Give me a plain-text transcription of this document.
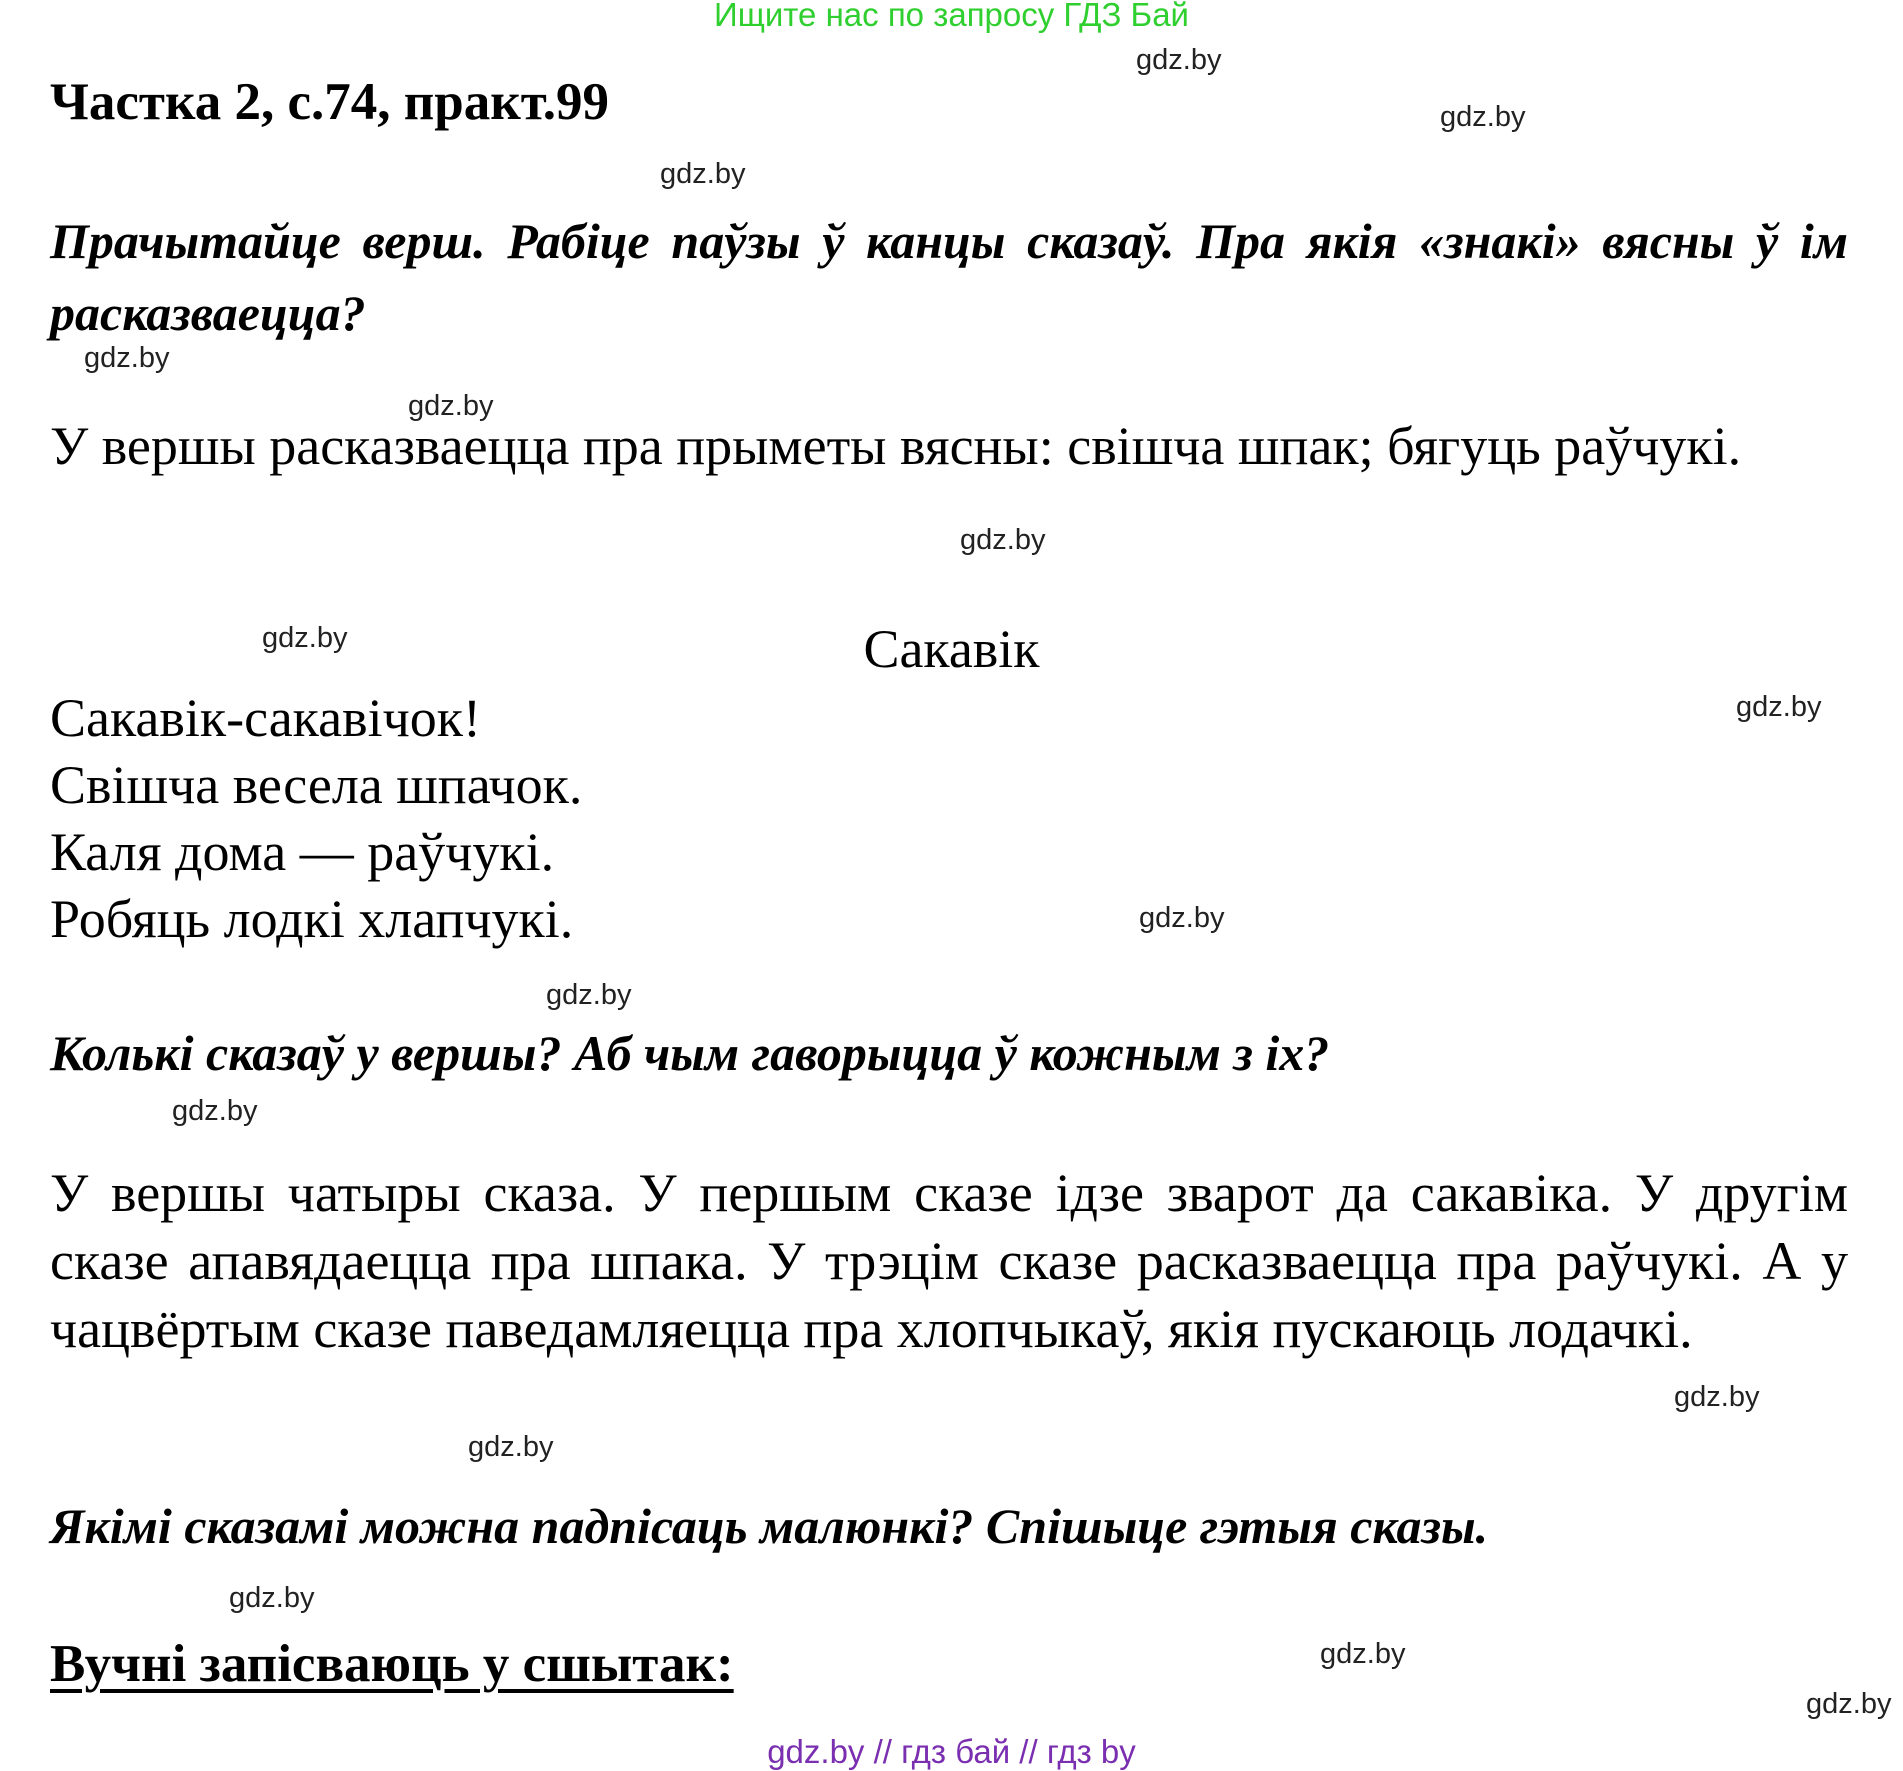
Ищите нас по запросу ГДЗ Бай
gdz.by
gdz.by
gdz.by
gdz.by
gdz.by
gdz.by
gdz.by
gdz.by
gdz.by
gdz.by
gdz.by
gdz.by
gdz.by
gdz.by
gdz.by
gdz.by
Частка 2, с.74, практ.99
Прачытайце верш. Рабіце паўзы ў канцы сказаў. Пра якія «знакі» вясны ў ім расказваецца?
У вершы расказваецца пра прыметы вясны: свішча шпак; бягуць раўчукі.
Сакавік
Сакавік-сакавічок!
Свішча весела шпачок.
Каля дома — раўчукі.
Робяць лодкі хлапчукі.
Колькі сказаў у вершы? Аб чым гаворыцца ў кожным з іх?
У вершы чатыры сказа. У першым сказе ідзе зварот да сакавіка. У другім сказе апавядаецца пра шпака. У трэцім сказе расказваецца пра раўчукі. А у чацвёртым сказе паведамляецца пра хлопчыкаў, якія пускаюць лодачкі.
Якімі сказамі можна падпісаць малюнкі? Спішыце гэтыя сказы.
Вучні запісваюць у сшытак:
gdz.by // гдз бай // гдз by
